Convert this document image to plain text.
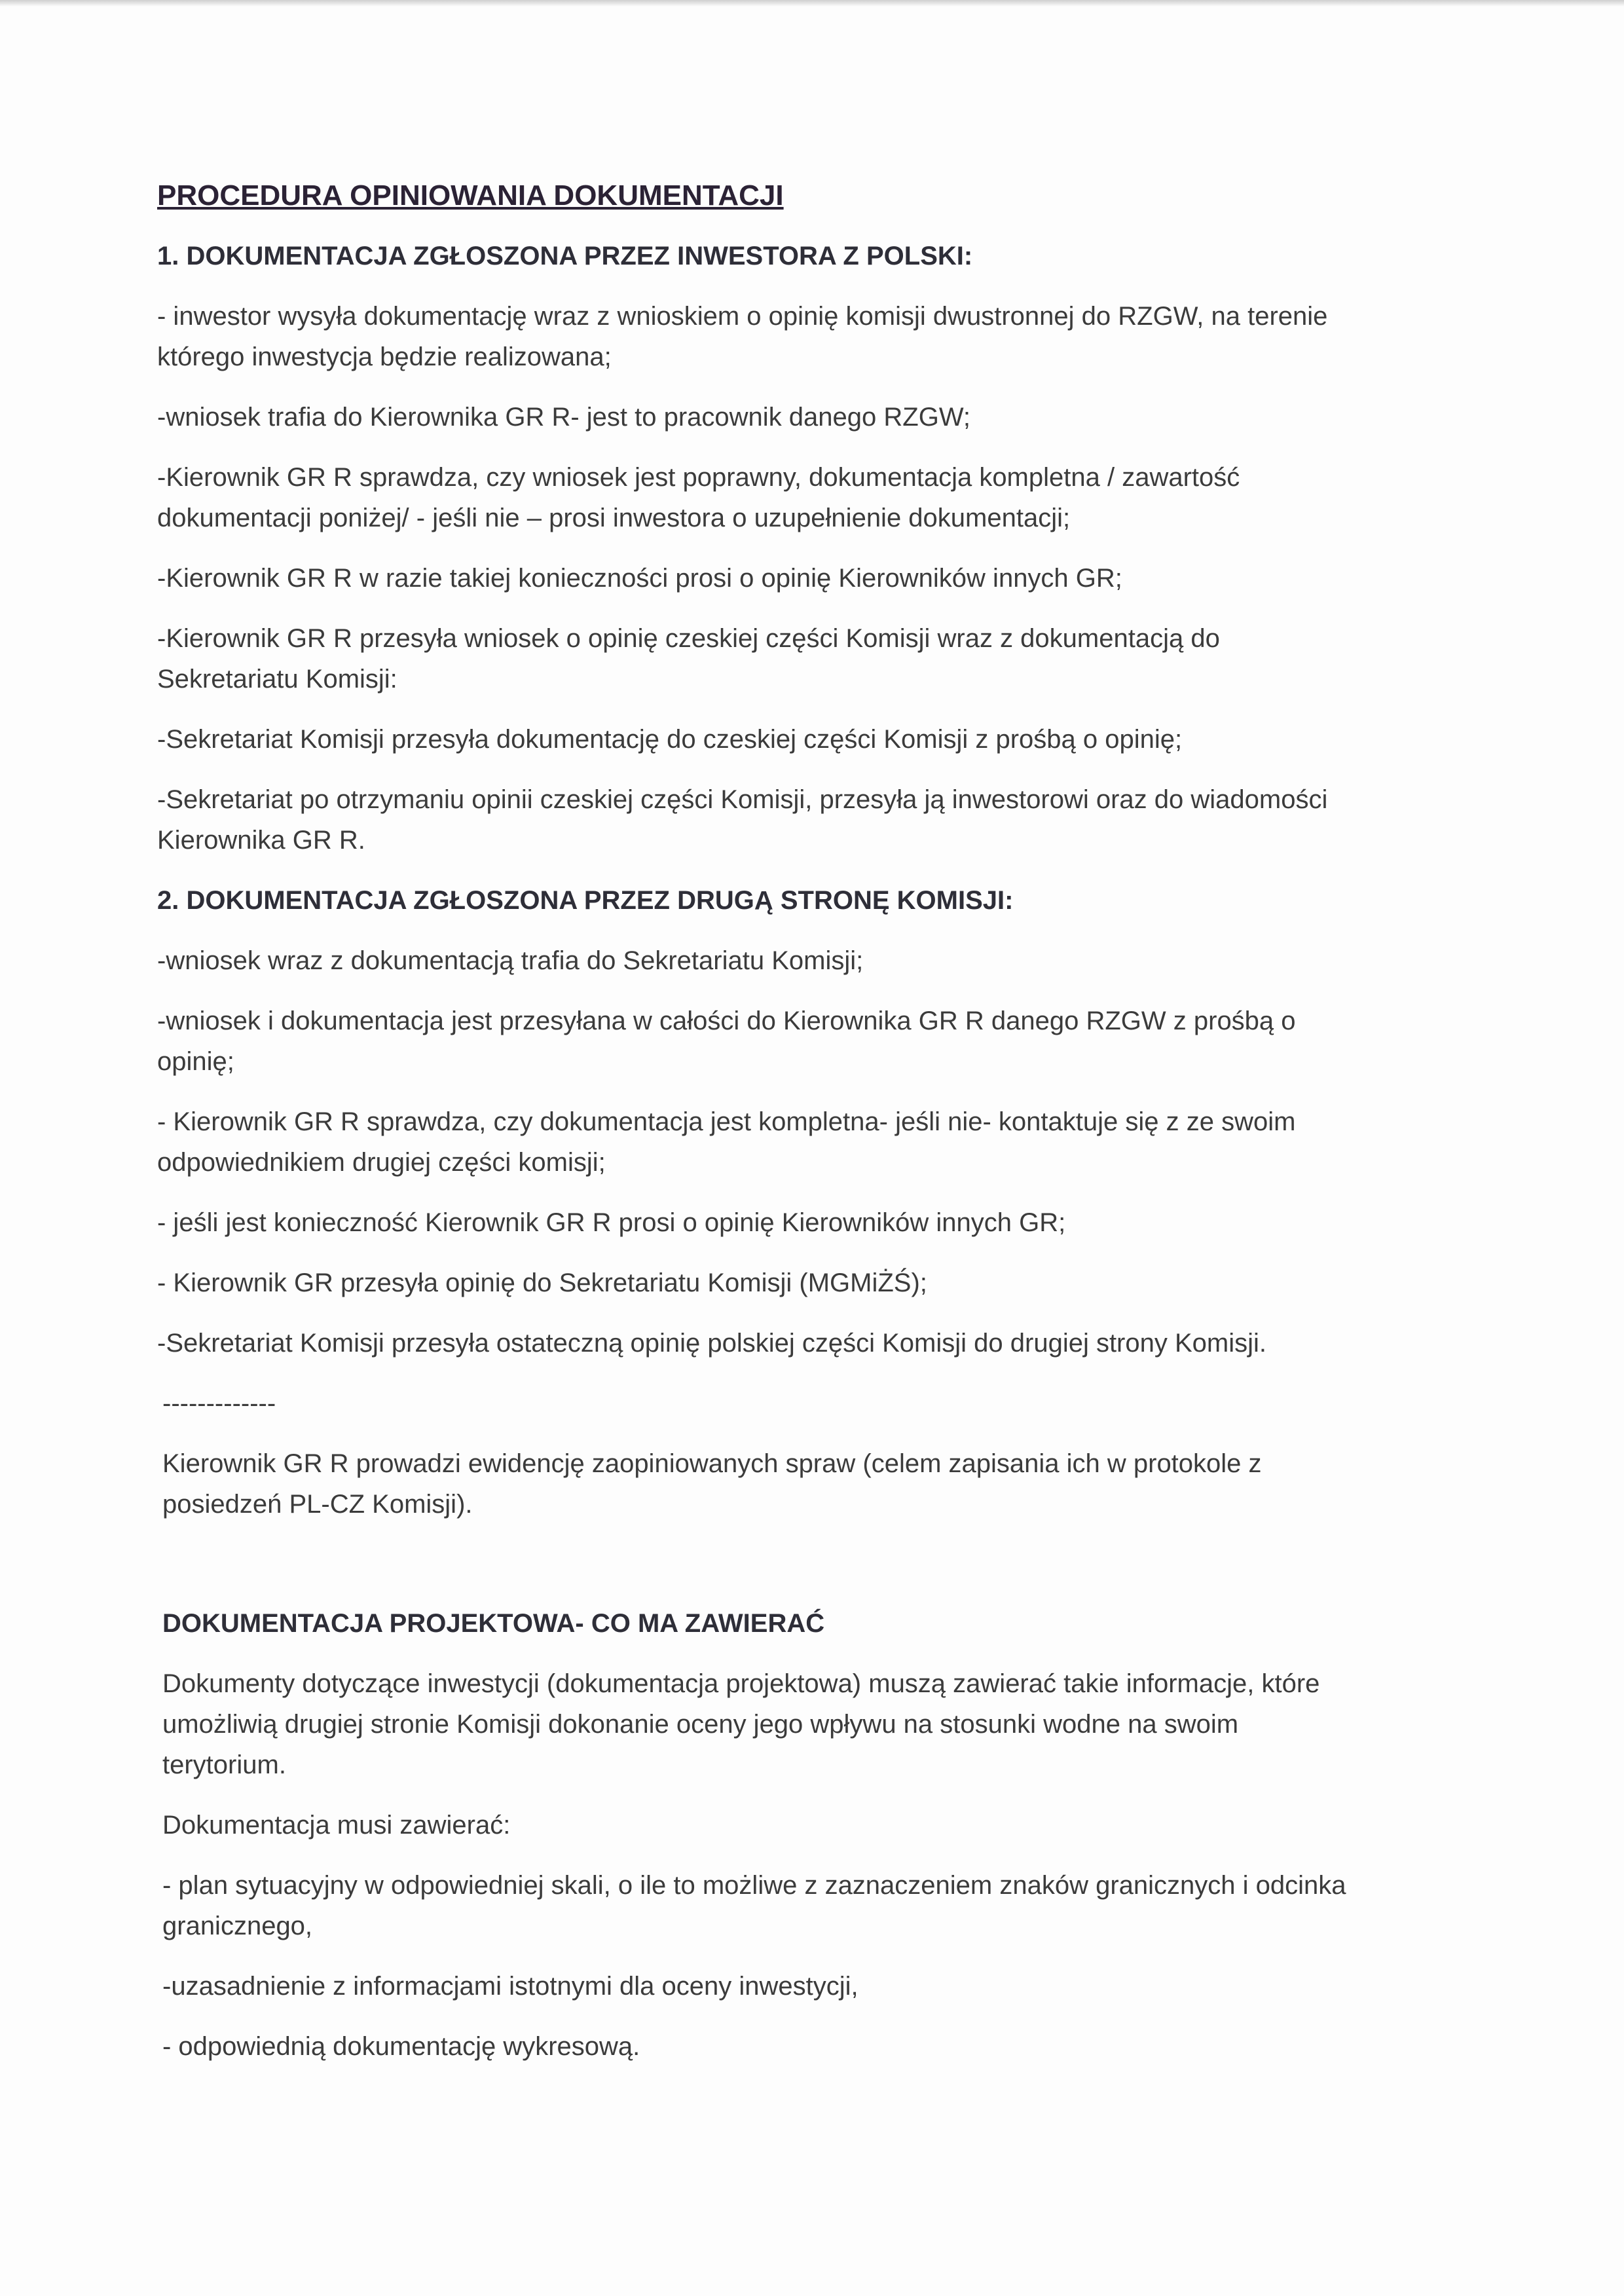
PROCEDURA OPINIOWANIA DOKUMENTACJI

1. DOKUMENTACJA ZGŁOSZONA PRZEZ INWESTORA Z POLSKI:

- inwestor wysyła dokumentację wraz z wnioskiem o opinię komisji dwustronnej do RZGW, na terenie

którego inwestycja będzie realizowana;

-wniosek trafia do Kierownika GR R- jest to pracownik danego RZGW;

-Kierownik GR R sprawdza, czy wniosek jest poprawny, dokumentacja kompletna / zawartość

dokumentacji poniżej/ - jeśli nie – prosi inwestora o uzupełnienie dokumentacji;

-Kierownik GR R w razie takiej konieczności prosi o opinię Kierowników innych GR;

-Kierownik GR R przesyła wniosek o opinię czeskiej części Komisji wraz z dokumentacją do

Sekretariatu Komisji:

-Sekretariat Komisji przesyła dokumentację do czeskiej części Komisji z prośbą o opinię;

-Sekretariat po otrzymaniu opinii czeskiej części Komisji, przesyła ją inwestorowi oraz do wiadomości

Kierownika GR R.

2. DOKUMENTACJA ZGŁOSZONA PRZEZ DRUGĄ STRONĘ KOMISJI:

-wniosek wraz z dokumentacją trafia do Sekretariatu Komisji;

-wniosek i dokumentacja jest przesyłana w całości do Kierownika GR R danego RZGW z prośbą o

opinię;

- Kierownik GR R sprawdza, czy dokumentacja jest kompletna- jeśli nie- kontaktuje się z ze swoim

odpowiednikiem drugiej części komisji;

- jeśli jest konieczność Kierownik GR R prosi o opinię Kierowników innych GR;

- Kierownik GR przesyła opinię do Sekretariatu Komisji (MGMiŻŚ);

-Sekretariat Komisji przesyła ostateczną opinię polskiej części Komisji do drugiej strony Komisji.

-------------

Kierownik GR R prowadzi ewidencję zaopiniowanych spraw (celem zapisania ich w protokole z

posiedzeń PL-CZ Komisji).

DOKUMENTACJA PROJEKTOWA- CO MA ZAWIERAĆ

Dokumenty dotyczące inwestycji (dokumentacja projektowa) muszą zawierać takie informacje, które

umożliwią drugiej stronie Komisji dokonanie oceny jego wpływu na stosunki wodne na swoim

terytorium.

Dokumentacja musi zawierać:

- plan sytuacyjny w odpowiedniej skali, o ile to możliwe z zaznaczeniem znaków granicznych i odcinka

granicznego,

-uzasadnienie z informacjami istotnymi dla oceny inwestycji,

- odpowiednią dokumentację wykresową.
